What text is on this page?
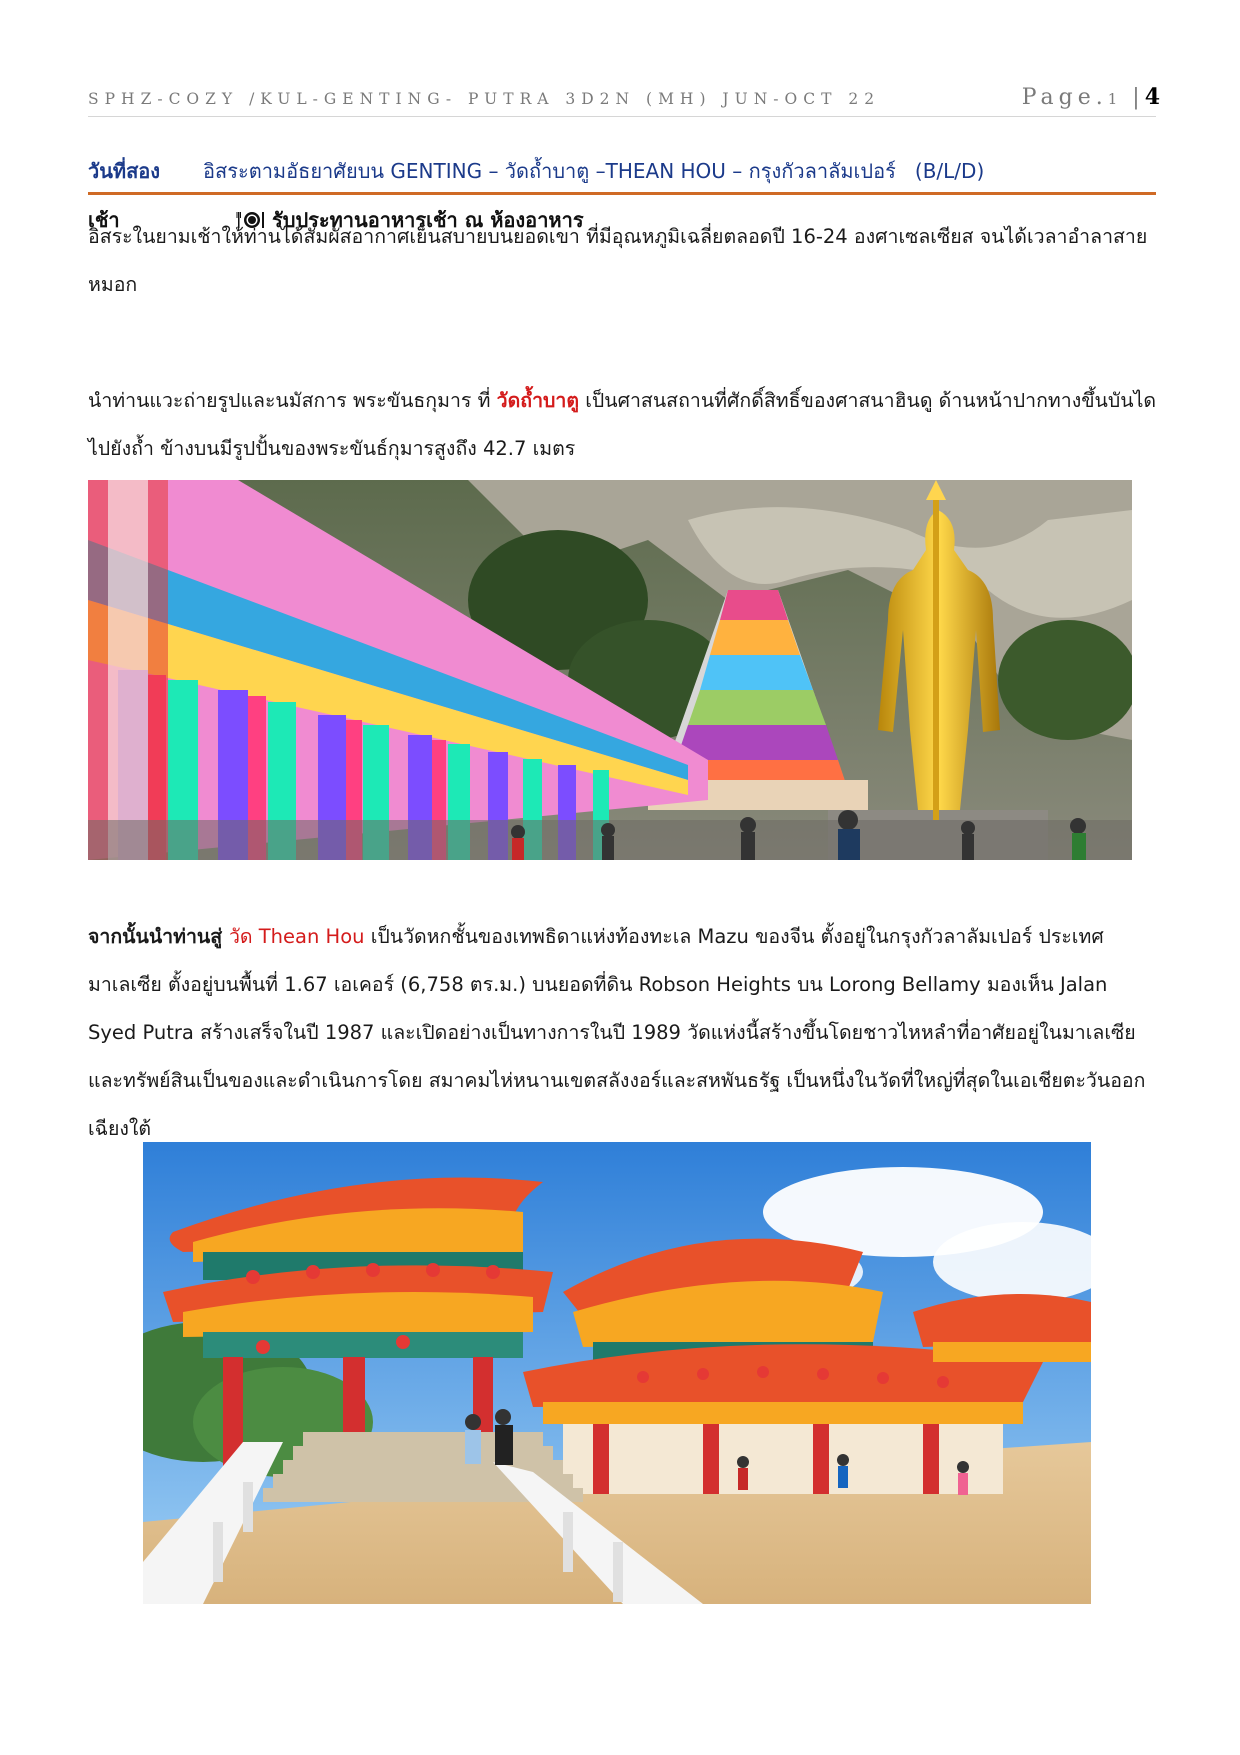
SPHZ-COZY /KUL-GENTING- PUTRA 3D2N (MH) JUN-OCT 22	Page.1 |4
วันที่สอง อิสระตามอัธยาศัยบน GENTING – วัดถ้ำบาตู –THEAN HOU – กรุงกัวลาลัมเปอร์   (B/L/D)
เช้า	รับประทานอาหารเช้า ณ ห้องอาหาร
อิสระในยามเช้าให้ท่านได้สัมผัสอากาศเย็นสบายบนยอดเขา ที่มีอุณหภูมิเฉลี่ยตลอดปี 16-24 องศาเซลเซียส จนได้เวลาอำลาสายหมอก
นำท่านแวะถ่ายรูปและนมัสการ พระขันธกุมาร ที่ วัดถ้ำบาตู เป็นศาสนสถานที่ศักดิ์สิทธิ์ของศาสนาฮินดู ด้านหน้าปากทางขึ้นบันไดไปยังถ้ำ ข้างบนมีรูปปั้นของพระขันธ์กุมารสูงถึง 42.7 เมตร
จากนั้นนำท่านสู่ วัด Thean Hou เป็นวัดหกชั้นของเทพธิดาแห่งท้องทะเล Mazu ของจีน ตั้งอยู่ในกรุงกัวลาลัมเปอร์ ประเทศมาเลเซีย ตั้งอยู่บนพื้นที่ 1.67 เอเคอร์ (6,758 ตร.ม.) บนยอดที่ดิน Robson Heights บน Lorong Bellamy มองเห็น Jalan Syed Putra สร้างเสร็จในปี 1987 และเปิดอย่างเป็นทางการในปี 1989 วัดแห่งนี้สร้างขึ้นโดยชาวไหหลำที่อาศัยอยู่ในมาเลเซีย และทรัพย์สินเป็นของและดำเนินการโดย สมาคมไห่หนานเขตสลังงอร์และสหพันธรัฐ เป็นหนึ่งในวัดที่ใหญ่ที่สุดในเอเชียตะวันออกเฉียงใต้
